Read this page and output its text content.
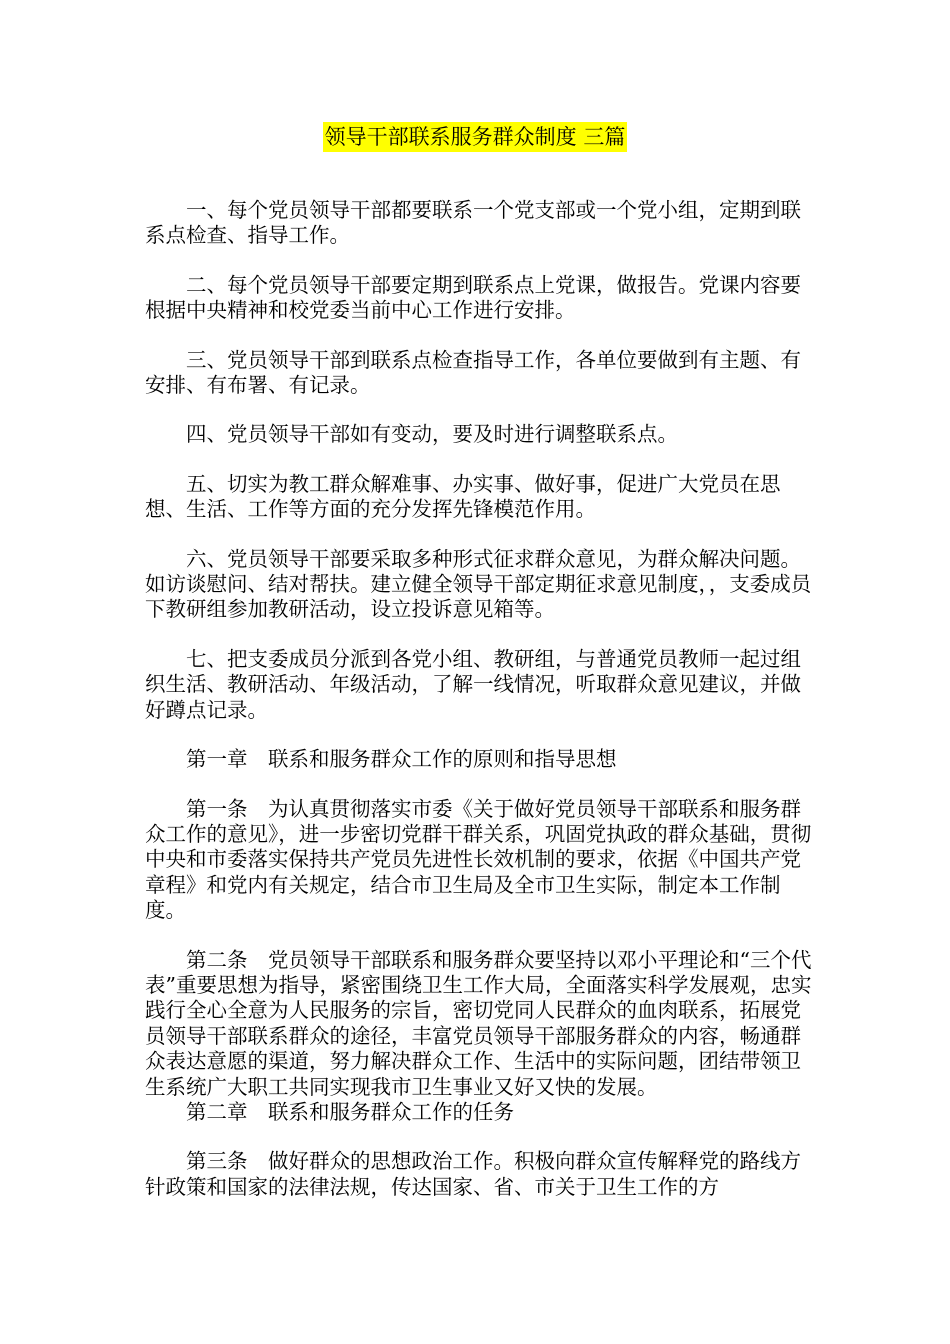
领导干部联系服务群众制度 三篇

一、每个党员领导干部都要联系一个党支部或一个党小组，定期到联系点检查、指导工作。

二、每个党员领导干部要定期到联系点上党课，做报告。党课内容要根据中央精神和校党委当前中心工作进行安排。

三、党员领导干部到联系点检查指导工作，各单位要做到有主题、有安排、有布署、有记录。

四、党员领导干部如有变动，要及时进行调整联系点。

五、切实为教工群众解难事、办实事、做好事，促进广大党员在思想、生活、工作等方面的充分发挥先锋模范作用。

六、党员领导干部要采取多种形式征求群众意见，为群众解决问题。如访谈慰问、结对帮扶。建立健全领导干部定期征求意见制度，，支委成员下教研组参加教研活动，设立投诉意见箱等。

七、把支委成员分派到各党小组、教研组，与普通党员教师一起过组织生活、教研活动、年级活动，了解一线情况，听取群众意见建议，并做好蹲点记录。

第一章　联系和服务群众工作的原则和指导思想

第一条　为认真贯彻落实市委《关于做好党员领导干部联系和服务群众工作的意见》，进一步密切党群干群关系，巩固党执政的群众基础，贯彻中央和市委落实保持共产党员先进性长效机制的要求，依据《中国共产党章程》和党内有关规定，结合市卫生局及全市卫生实际，制定本工作制度。

第二条　党员领导干部联系和服务群众要坚持以邓小平理论和“三个代表”重要思想为指导，紧密围绕卫生工作大局，全面落实科学发展观，忠实践行全心全意为人民服务的宗旨，密切党同人民群众的血肉联系，拓展党员领导干部联系群众的途径，丰富党员领导干部服务群众的内容，畅通群众表达意愿的渠道，努力解决群众工作、生活中的实际问题，团结带领卫生系统广大职工共同实现我市卫生事业又好又快的发展。

第二章　联系和服务群众工作的任务

第三条　做好群众的思想政治工作。积极向群众宣传解释党的路线方针政策和国家的法律法规，传达国家、省、市关于卫生工作的方
